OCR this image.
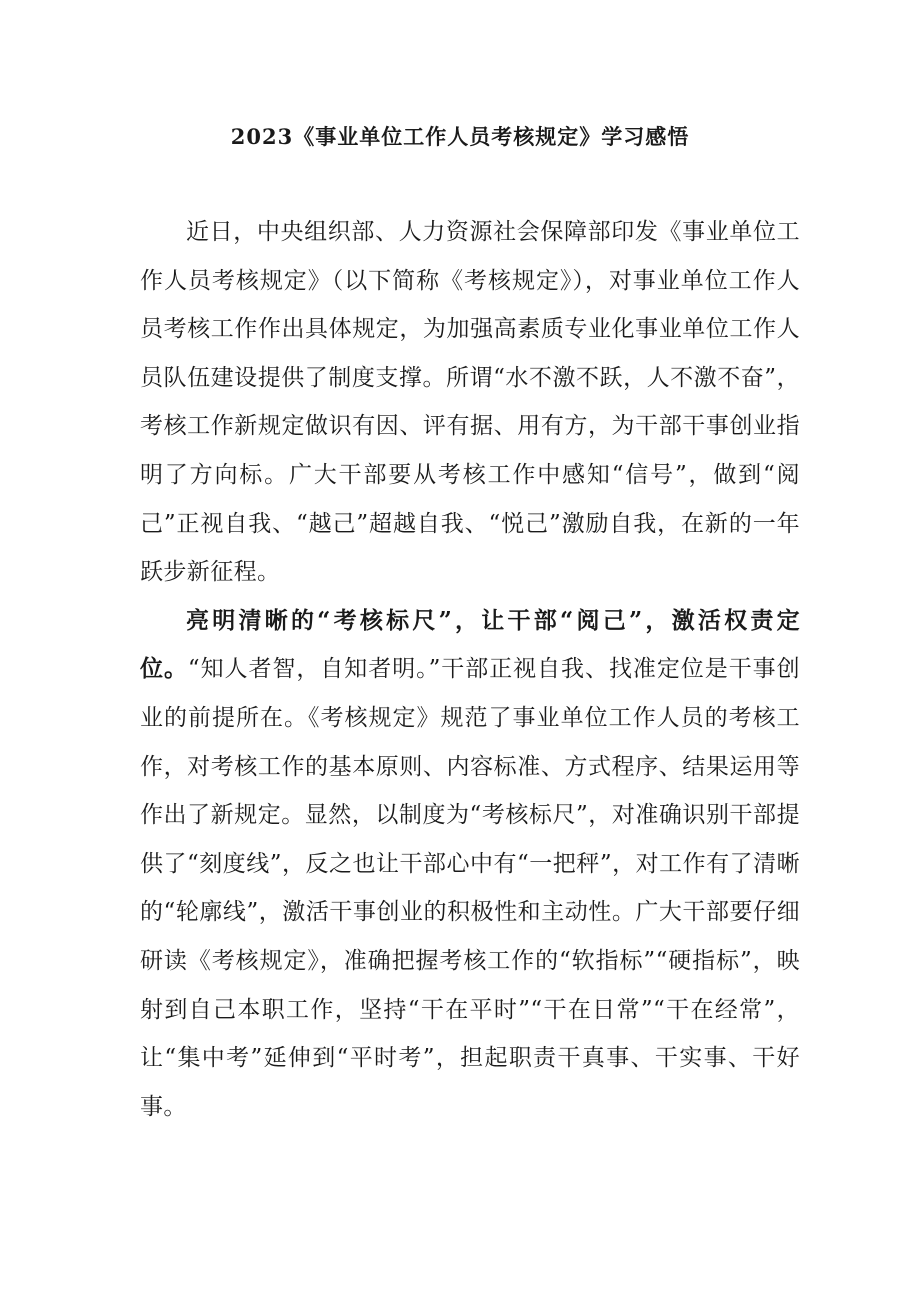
2023《事业单位工作人员考核规定》学习感悟

近日，中央组织部、人力资源社会保障部印发《事业单位工作人员考核规定》（以下简称《考核规定》），对事业单位工作人员考核工作作出具体规定，为加强高素质专业化事业单位工作人员队伍建设提供了制度支撑。所谓“水不激不跃，人不激不奋”，考核工作新规定做识有因、评有据、用有方，为干部干事创业指明了方向标。广大干部要从考核工作中感知“信号”，做到“阅己”正视自我、“越己”超越自我、“悦己”激励自我，在新的一年跃步新征程。

亮明清晰的“考核标尺”，让干部“阅己”，激活权责定位。“知人者智，自知者明。”干部正视自我、找准定位是干事创业的前提所在。《考核规定》规范了事业单位工作人员的考核工作，对考核工作的基本原则、内容标准、方式程序、结果运用等作出了新规定。显然，以制度为“考核标尺”，对准确识别干部提供了“刻度线”，反之也让干部心中有“一把秤”，对工作有了清晰的“轮廓线”，激活干事创业的积极性和主动性。广大干部要仔细研读《考核规定》，准确把握考核工作的“软指标”“硬指标”，映射到自己本职工作，坚持“干在平时”“干在日常”“干在经常”，让“集中考”延伸到“平时考”，担起职责干真事、干实事、干好事。
